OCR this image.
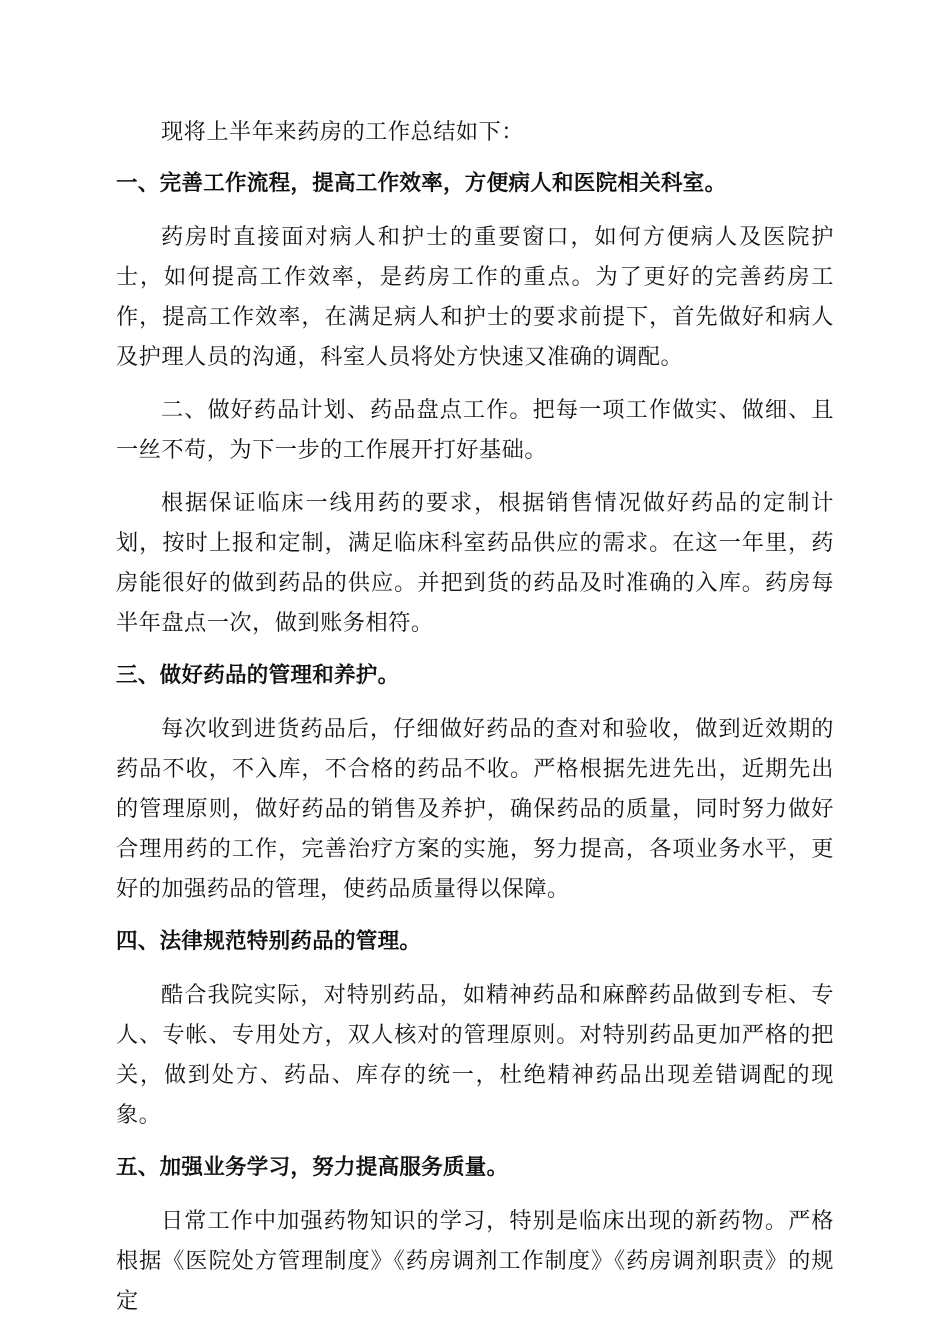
现将上半年来药房的工作总结如下：

一、完善工作流程，提高工作效率，方便病人和医院相关科室。

药房时直接面对病人和护士的重要窗口，如何方便病人及医院护士，如何提高工作效率，是药房工作的重点。为了更好的完善药房工作，提高工作效率，在满足病人和护士的要求前提下，首先做好和病人及护理人员的沟通，科室人员将处方快速又准确的调配。

二、做好药品计划、药品盘点工作。把每一项工作做实、做细、且一丝不苟，为下一步的工作展开打好基础。

根据保证临床一线用药的要求，根据销售情况做好药品的定制计划，按时上报和定制，满足临床科室药品供应的需求。在这一年里，药房能很好的做到药品的供应。并把到货的药品及时准确的入库。药房每半年盘点一次，做到账务相符。

三、做好药品的管理和养护。

每次收到进货药品后，仔细做好药品的查对和验收，做到近效期的药品不收，不入库，不合格的药品不收。严格根据先进先出，近期先出的管理原则，做好药品的销售及养护，确保药品的质量，同时努力做好合理用药的工作，完善治疗方案的实施，努力提高，各项业务水平，更好的加强药品的管理，使药品质量得以保障。

四、法律规范特别药品的管理。

酷合我院实际，对特别药品，如精神药品和麻醉药品做到专柜、专人、专帐、专用处方，双人核对的管理原则。对特别药品更加严格的把关，做到处方、药品、库存的统一，杜绝精神药品出现差错调配的现象。

五、加强业务学习，努力提高服务质量。

日常工作中加强药物知识的学习，特别是临床出现的新药物。严格根据《医院处方管理制度》《药房调剂工作制度》《药房调剂职责》的规定
